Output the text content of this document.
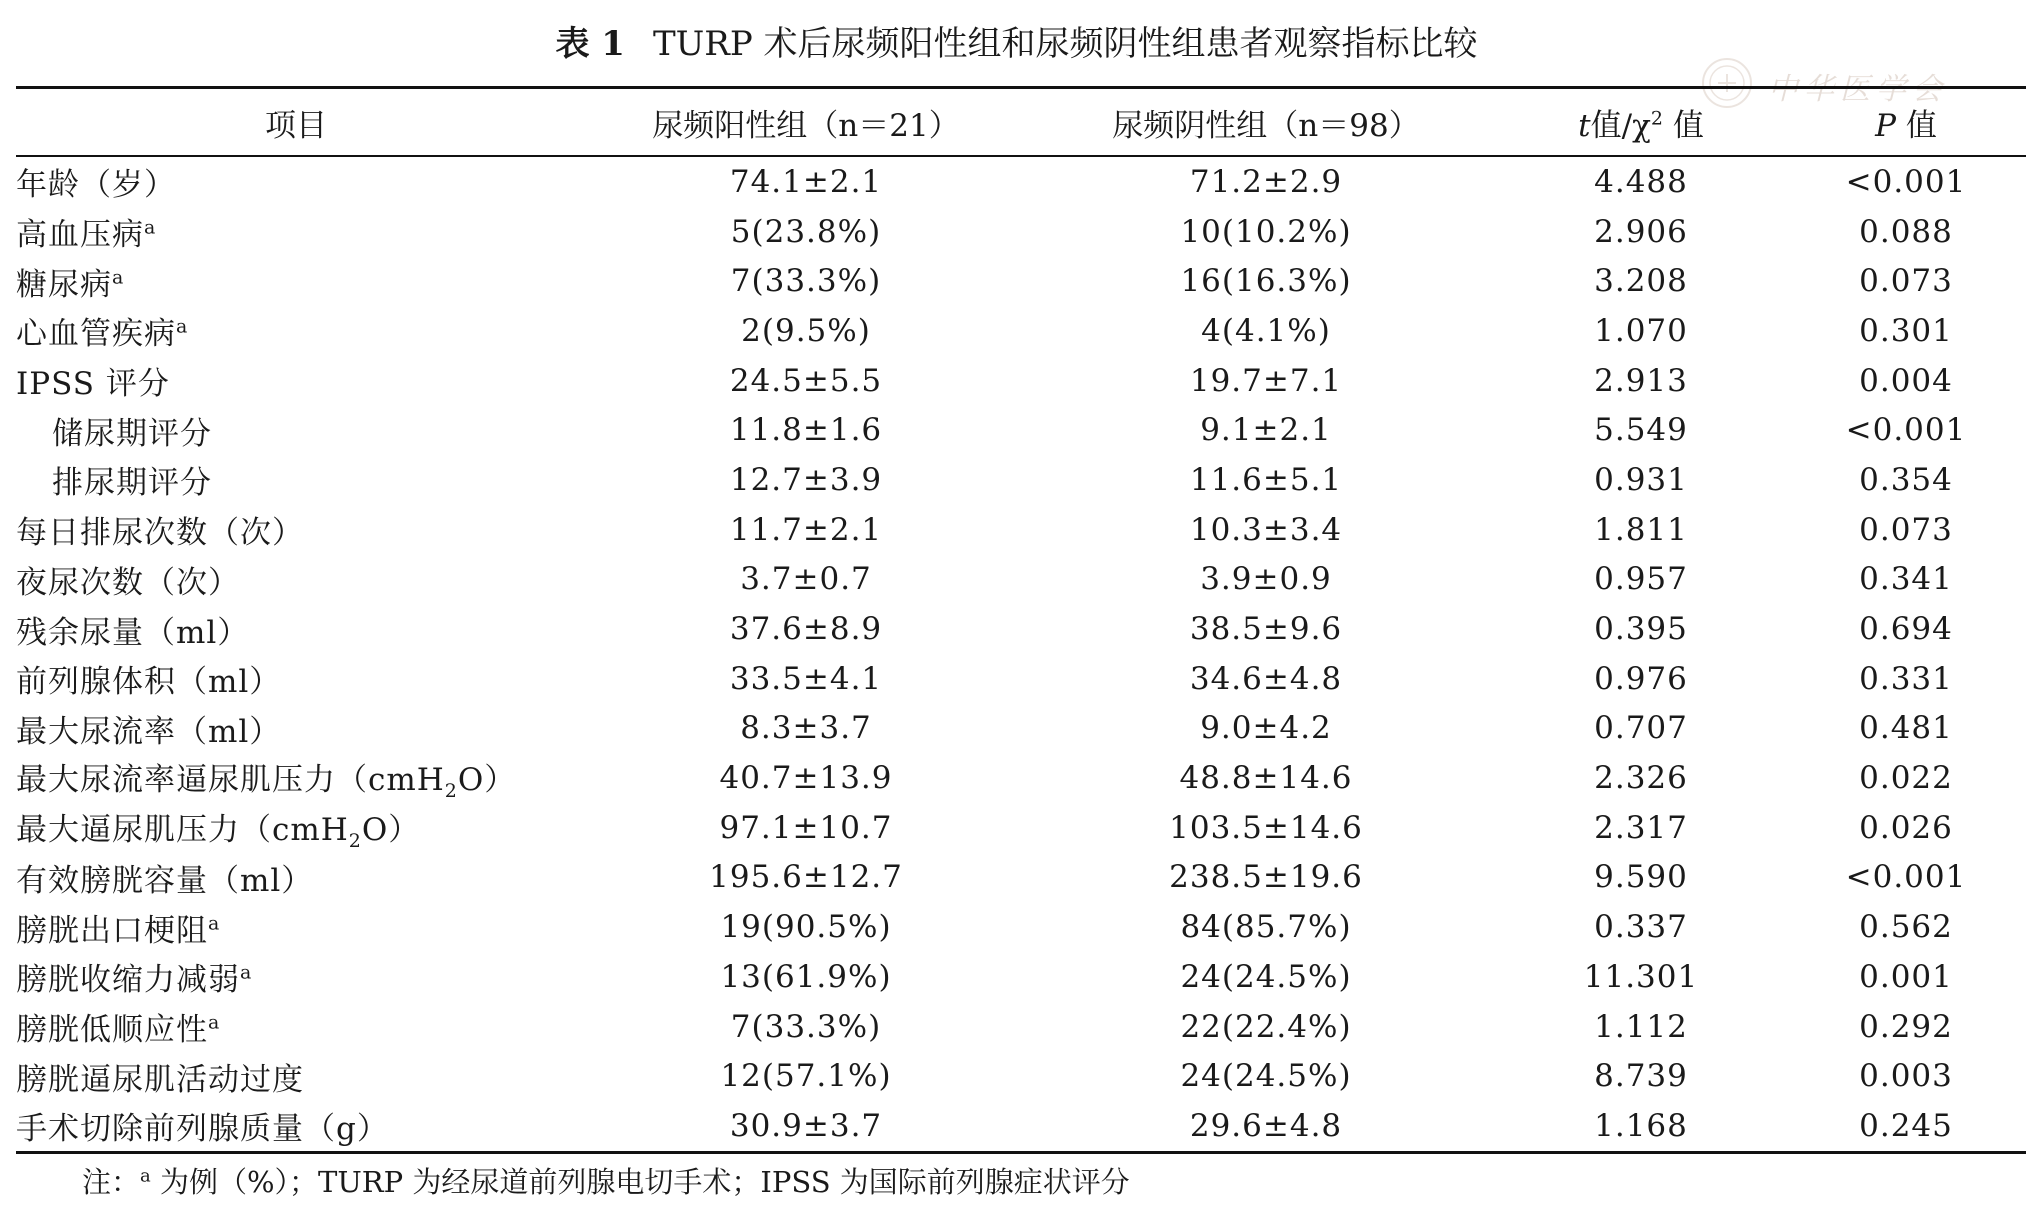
表 1 TURP 术后尿频阳性组和尿频阴性组患者观察指标比较
中华医学会
项目	尿频阳性组（n＝21）	尿频阴性组（n＝98）	t值$/\chi^2$ 值	P 值
年龄（岁）	74.1±2.1	71.2±2.9	4.488	<0.001
高血压病$^a$	5(23.8%)	10(10.2%)	2.906	0.088
糖尿病$^a$	7(33.3%)	16(16.3%)	3.208	0.073
心血管疾病$^a$	2(9.5%)	4(4.1%)	1.070	0.301
IPSS 评分	24.5±5.5	19.7±7.1	2.913	0.004
储尿期评分	11.8±1.6	9.1±2.1	5.549	<0.001
排尿期评分	12.7±3.9	11.6±5.1	0.931	0.354
每日排尿次数（次）	11.7±2.1	10.3±3.4	1.811	0.073
夜尿次数（次）	3.7±0.7	3.9±0.9	0.957	0.341
残余尿量（ml）	37.6±8.9	38.5±9.6	0.395	0.694
前列腺体积（ml）	33.5±4.1	34.6±4.8	0.976	0.331
最大尿流率（ml）	8.3±3.7	9.0±4.2	0.707	0.481
最大尿流率逼尿肌压力（cmH$_2$O）	40.7±13.9	48.8±14.6	2.326	0.022
最大逼尿肌压力（cmH$_2$O）	97.1±10.7	103.5±14.6	2.317	0.026
有效膀胱容量（ml）	195.6±12.7	238.5±19.6	9.590	<0.001
膀胱出口梗阻$^a$	19(90.5%)	84(85.7%)	0.337	0.562
膀胱收缩力减弱$^a$	13(61.9%)	24(24.5%)	11.301	0.001
膀胱低顺应性$^a$	7(33.3%)	22(22.4%)	1.112	0.292
膀胱逼尿肌活动过度	12(57.1%)	24(24.5%)	8.739	0.003
手术切除前列腺质量（g）	30.9±3.7	29.6±4.8	1.168	0.245
注：$^a$ 为例（%）；TURP 为经尿道前列腺电切手术；IPSS 为国际前列腺症状评分
